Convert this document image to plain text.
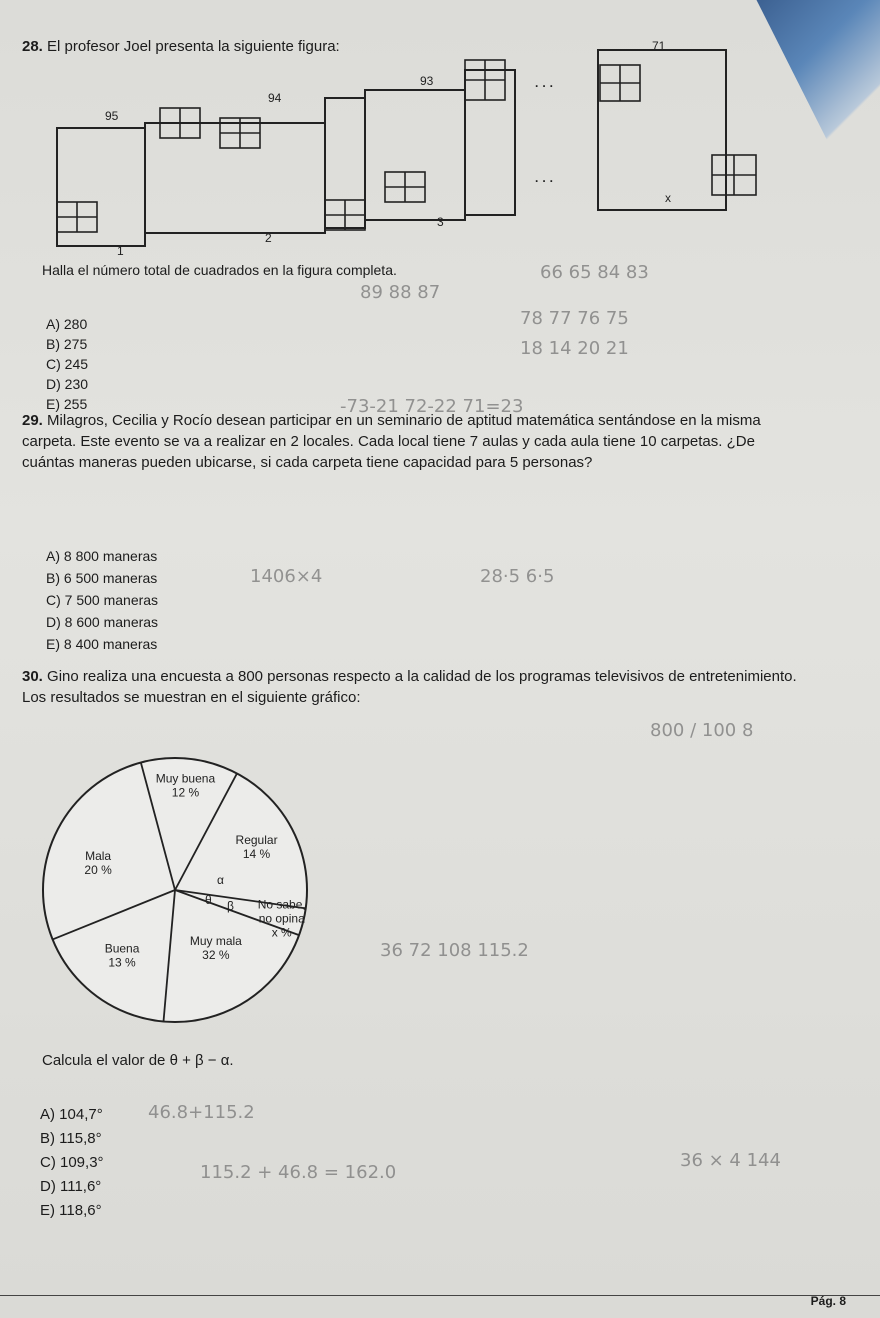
28. El profesor Joel presenta la siguiente figura:
95
94
93
71
1
2
3
x
· · ·
· · ·
Halla el número total de cuadrados en la figura completa.
A) 280
B) 275
C) 245
D) 230
E) 255
66 65 84 83
89 88 87
78 77 76 75
18 14 20 21
-73-21 72-22 71=23
29. Milagros, Cecilia y Rocío desean participar en un seminario de aptitud matemática sentándose en la misma carpeta. Este evento se va a realizar en 2 locales. Cada local tiene 7 aulas y cada aula tiene 10 carpetas. ¿De cuántas maneras pueden ubicarse, si cada carpeta tiene capacidad para 5 personas?
A) 8 800 maneras
B) 6 500 maneras
C) 7 500 maneras
D) 8 600 maneras
E) 8 400 maneras
1406×4	28·5 6·5
30. Gino realiza una encuesta a 800 personas respecto a la calidad de los programas televisivos de entretenimiento. Los resultados se muestran en el siguiente gráfico:
Muy buena
12 %
Regular
14 %
No sabe,
no opina
x %
Muy mala
32 %
Buena
13 %
Mala
20 %
α
θ β
800 / 100 8
36 72 108 115.2
Calcula el valor de θ + β − α.
A) 104,7°
B) 115,8°
C) 109,3°
D) 111,6°
E) 118,6°
46.8+115.2
115.2 + 46.8 = 162.0
36 × 4 144
Pág. 8
